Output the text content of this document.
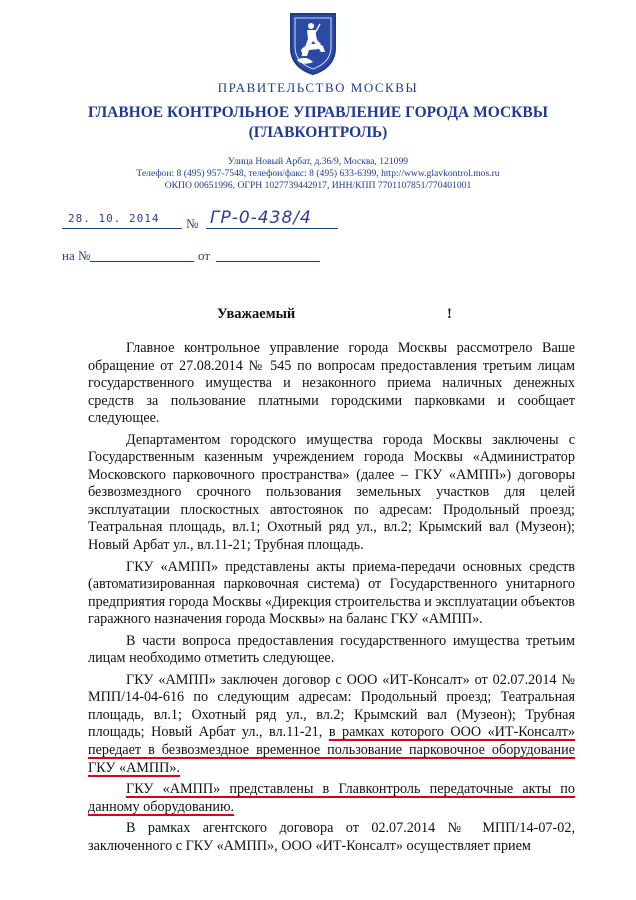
ПРАВИТЕЛЬСТВО МОСКВЫ
ГЛАВНОЕ КОНТРОЛЬНОЕ УПРАВЛЕНИЕ ГОРОДА МОСКВЫ
(ГЛАВКОНТРОЛЬ)
Улица Новый Арбат, д.36/9, Москва, 121099
Телефон: 8 (495) 957-7548, телефон/факс: 8 (495) 633-6399, http://www.glavkontrol.mos.ru
ОКПО 00651996, ОГРН 1027739442917, ИНН/КПП 7701107851/770401001
28. 10. 2014	№ ГР-0-438/4
на №	от
Уважаемый	!

Главное контрольное управление города Москвы рассмотрело Ваше обращение от 27.08.2014 № 545 по вопросам предоставления третьим лицам государственного имущества и незаконного приема наличных денежных средств за пользование платными городскими парковками и сообщает следующее.

Департаментом городского имущества города Москвы заключены с Государственным казенным учреждением города Москвы «Администратор Московского парковочного пространства» (далее – ГКУ «АМПП») договоры безвозмездного срочного пользования земельных участков для целей эксплуатации плоскостных автостоянок по адресам: Продольный проезд; Театральная площадь, вл.1; Охотный ряд ул., вл.2; Крымский вал (Музеон); Новый Арбат ул., вл.11-21; Трубная площадь.

ГКУ «АМПП» представлены акты приема-передачи основных средств (автоматизированная парковочная система) от Государственного унитарного предприятия города Москвы «Дирекция строительства и эксплуатации объектов гаражного назначения города Москвы» на баланс ГКУ «АМПП».

В части вопроса предоставления государственного имущества третьим лицам необходимо отметить следующее.

ГКУ «АМПП» заключен договор с ООО «ИТ-Консалт» от 02.07.2014 № МПП/14-04-616 по следующим адресам: Продольный проезд; Театральная площадь, вл.1; Охотный ряд ул., вл.2; Крымский вал (Музеон); Трубная площадь; Новый Арбат ул., вл.11-21, в рамках которого ООО «ИТ-Консалт» передает в безвозмездное временное пользование парковочное оборудование ГКУ «АМПП».

ГКУ «АМПП» представлены в Главконтроль передаточные акты по данному оборудованию.

В рамках агентского договора от 02.07.2014 № МПП/14-07-02, заключенного с ГКУ «АМПП», ООО «ИТ-Консалт» осуществляет прием
